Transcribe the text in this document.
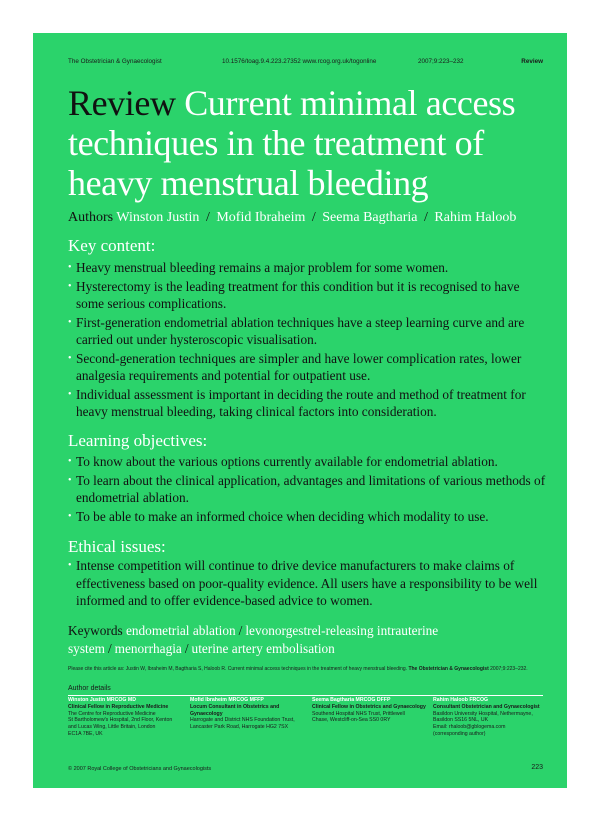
The Obstetrician & Gynaecologist	10.1576/toag.9.4.223.27352 www.rcog.org.uk/togonline	2007;9:223–232	Review
Review Current minimal access techniques in the treatment of heavy menstrual bleeding
Authors Winston Justin / Mofid Ibraheim / Seema Bagtharia / Rahim Haloob
Key content:
• Heavy menstrual bleeding remains a major problem for some women.
• Hysterectomy is the leading treatment for this condition but it is recognised to have some serious complications.
• First-generation endometrial ablation techniques have a steep learning curve and are carried out under hysteroscopic visualisation.
• Second-generation techniques are simpler and have lower complication rates, lower analgesia requirements and potential for outpatient use.
• Individual assessment is important in deciding the route and method of treatment for heavy menstrual bleeding, taking clinical factors into consideration.
Learning objectives:
• To know about the various options currently available for endometrial ablation.
• To learn about the clinical application, advantages and limitations of various methods of endometrial ablation.
• To be able to make an informed choice when deciding which modality to use.
Ethical issues:
• Intense competition will continue to drive device manufacturers to make claims of effectiveness based on poor-quality evidence. All users have a responsibility to be well informed and to offer evidence-based advice to women.
Keywords endometrial ablation / levonorgestrel-releasing intrauterine system / menorrhagia / uterine artery embolisation
Please cite this article as: Justin W, Ibraheim M, Bagtharia S, Haloob R. Current minimal access techniques in the treatment of heavy menstrual bleeding. The Obstetrician & Gynaecologist 2007;9:223–232.
Author details
Winston Justin MRCOG MD
Clinical Fellow in Reproductive Medicine
The Centre for Reproductive Medicine
St Bartholomew's Hospital, 2nd Floor, Kenton
and Lucas Wing, Little Britain, London
EC1A 7BE, UK
Mofid Ibraheim MRCOG MFFP
Locum Consultant in Obstetrics and Gynaecology
Harrogate and District NHS Foundation Trust,
Lancaster Park Road, Harrogate HG2 7SX
Seema Bagtharia MRCOG DFFP
Clinical Fellow in Obstetrics and Gynaecology
Southend Hospital NHS Trust, Prittlewell
Chase, Westcliff-on-Sea SS0 0RY
Rahim Haloob FRCOG
Consultant Obstetrician and Gynaecologist
Basildon University Hospital, Nethermayne,
Basildon SS16 5NL, UK
Email: rhaloob@gblogema.com
(corresponding author)
© 2007 Royal College of Obstetricians and Gynaecologists	223
